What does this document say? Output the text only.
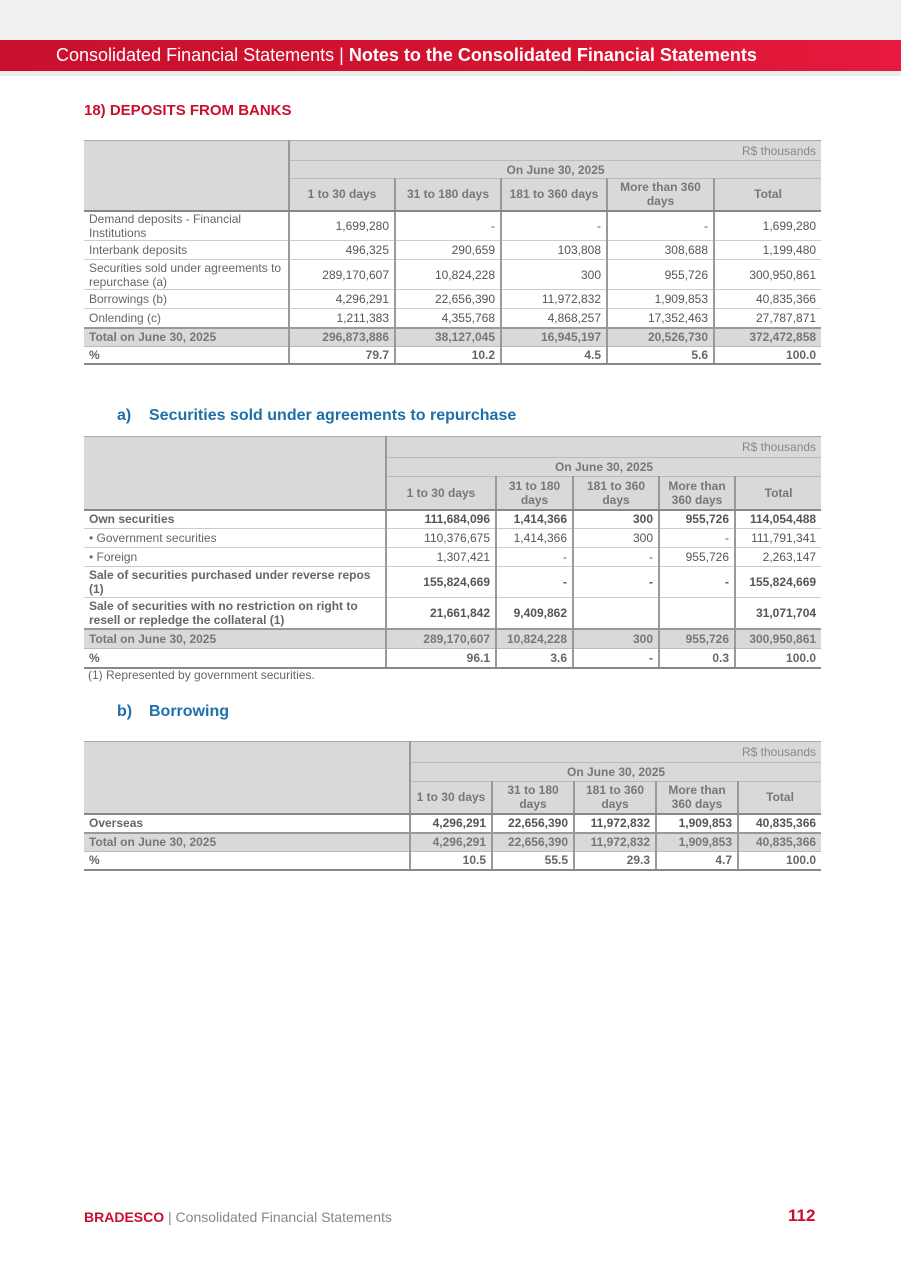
Consolidated Financial Statements | Notes to the Consolidated Financial Statements
18) DEPOSITS FROM BANKS
	R$ thousands				
	On June 30, 2025				
	1 to 30 days	31 to 180 days	181 to 360 days	More than 360 days	Total
Demand deposits - Financial Institutions	1,699,280	-	-	-	1,699,280
Interbank deposits	496,325	290,659	103,808	308,688	1,199,480
Securities sold under agreements to repurchase (a)	289,170,607	10,824,228	300	955,726	300,950,861
Borrowings (b)	4,296,291	22,656,390	11,972,832	1,909,853	40,835,366
Onlending (c)	1,211,383	4,355,768	4,868,257	17,352,463	27,787,871
Total on June 30, 2025	296,873,886	38,127,045	16,945,197	20,526,730	372,472,858
%	79.7	10.2	4.5	5.6	100.0
a) Securities sold under agreements to repurchase
	R$ thousands				
	On June 30, 2025				
	1 to 30 days	31 to 180 days	181 to 360 days	More than 360 days	Total
Own securities	111,684,096	1,414,366	300	955,726	114,054,488
• Government securities	110,376,675	1,414,366	300	-	111,791,341
• Foreign	1,307,421	-	-	955,726	2,263,147
Sale of securities purchased under reverse repos (1)	155,824,669	-	-	-	155,824,669
Sale of securities with no restriction on right to resell or repledge the collateral (1)	21,661,842	9,409,862			31,071,704
Total on June 30, 2025	289,170,607	10,824,228	300	955,726	300,950,861
%	96.1	3.6	-	0.3	100.0
(1) Represented by government securities.
b) Borrowing
	R$ thousands				
	On June 30, 2025				
	1 to 30 days	31 to 180 days	181 to 360 days	More than 360 days	Total
Overseas	4,296,291	22,656,390	11,972,832	1,909,853	40,835,366
Total on June 30, 2025	4,296,291	22,656,390	11,972,832	1,909,853	40,835,366
%	10.5	55.5	29.3	4.7	100.0
BRADESCO | Consolidated Financial Statements	112
